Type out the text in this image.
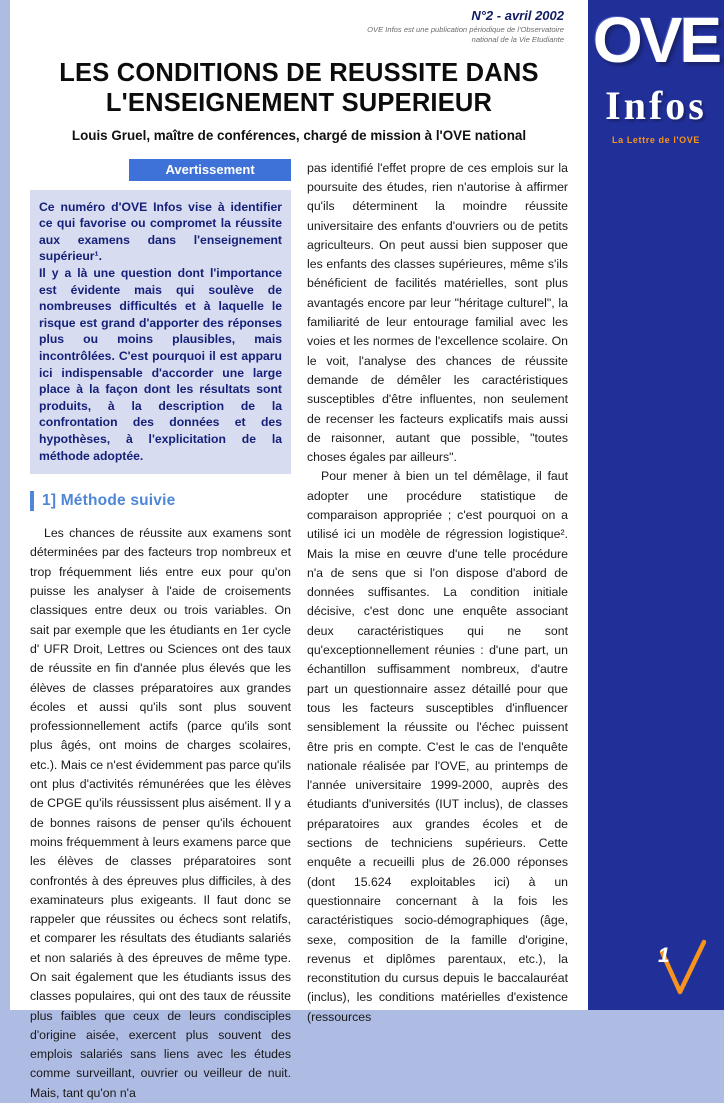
N°2 - avril 2002
OVE Infos est une publication périodique de l'Observatoire national de la Vie Etudiante
LES CONDITIONS DE REUSSITE DANS
L'ENSEIGNEMENT SUPERIEUR
Louis Gruel, maître de conférences, chargé de mission à l'OVE national
Avertissement

Ce numéro d'OVE Infos vise à identifier ce qui favorise ou compromet la réussite aux examens dans l'enseignement supérieur¹.

Il y a là une question dont l'importance est évidente mais qui soulève de nombreuses difficultés et à laquelle le risque est grand d'apporter des réponses plus ou moins plausibles, mais incontrôlées. C'est pourquoi il est apparu ici indispensable d'accorder une large place à la façon dont les résultats sont produits, à la description de la confrontation des données et des hypothèses, à l'explicitation de la méthode adoptée.

1] Méthode suivie

Les chances de réussite aux examens sont déterminées par des facteurs trop nombreux et trop fréquemment liés entre eux pour qu'on puisse les analyser à l'aide de croisements classiques entre deux ou trois variables. On sait par exemple que les étudiants en 1er cycle d' UFR Droit, Lettres ou Sciences ont des taux de réussite en fin d'année plus élevés que les élèves de classes préparatoires aux grandes écoles et aussi qu'ils sont plus souvent professionnellement actifs (parce qu'ils sont plus âgés, ont moins de charges scolaires, etc.). Mais ce n'est évidemment pas parce qu'ils ont plus d'activités rémunérées que les élèves de CPGE qu'ils réussissent plus aisément. Il y a de bonnes raisons de penser qu'ils échouent moins fréquemment à leurs examens parce que les élèves de classes préparatoires sont confrontés à des épreuves plus difficiles, à des examinateurs plus exigeants. Il faut donc se rappeler que réussites ou échecs sont relatifs, et comparer les résultats des étudiants salariés et non salariés à des épreuves de même type. On sait également que les étudiants issus des classes populaires, qui ont des taux de réussite plus faibles que ceux de leurs condisciples d'origine aisée, exercent plus souvent des emplois salariés sans liens avec les études comme surveillant, ouvrier ou veilleur de nuit. Mais, tant qu'on n'a

pas identifié l'effet propre de ces emplois sur la poursuite des études, rien n'autorise à affirmer qu'ils déterminent la moindre réussite universitaire des enfants d'ouvriers ou de petits agriculteurs. On peut aussi bien supposer que les enfants des classes supérieures, même s'ils bénéficient de facilités matérielles, sont plus avantagés encore par leur "héritage culturel", la familiarité de leur entourage familial avec les voies et les normes de l'excellence scolaire. On le voit, l'analyse des chances de réussite demande de démêler les caractéristiques susceptibles d'être influentes, non seulement de recenser les facteurs explicatifs mais aussi de raisonner, autant que possible, "toutes choses égales par ailleurs".

Pour mener à bien un tel démêlage, il faut adopter une procédure statistique de comparaison appropriée ; c'est pourquoi on a utilisé ici un modèle de régression logistique². Mais la mise en œuvre d'une telle procédure n'a de sens que si l'on dispose d'abord de données suffisantes. La condition initiale décisive, c'est donc une enquête associant deux caractéristiques qui ne sont qu'exceptionnellement réunies : d'une part, un échantillon suffisamment nombreux, d'autre part un questionnaire assez détaillé pour que tous les facteurs susceptibles d'influencer sensiblement la réussite ou l'échec puissent être pris en compte. C'est le cas de l'enquête nationale réalisée par l'OVE, au printemps de l'année universitaire 1999-2000, auprès des étudiants d'universités (IUT inclus), de classes préparatoires aux grandes écoles et de sections de techniciens supérieurs. Cette enquête a recueilli plus de 26.000 réponses (dont 15.624 exploitables ici) à un questionnaire concernant à la fois les caractéristiques socio-démographiques (âge, sexe, composition de la famille d'origine, revenus et diplômes parentaux, etc.), la reconstitution du cursus depuis le baccalauréat (inclus), les conditions matérielles d'existence (ressources

OVE
Infos
La Lettre de l'OVE
1
